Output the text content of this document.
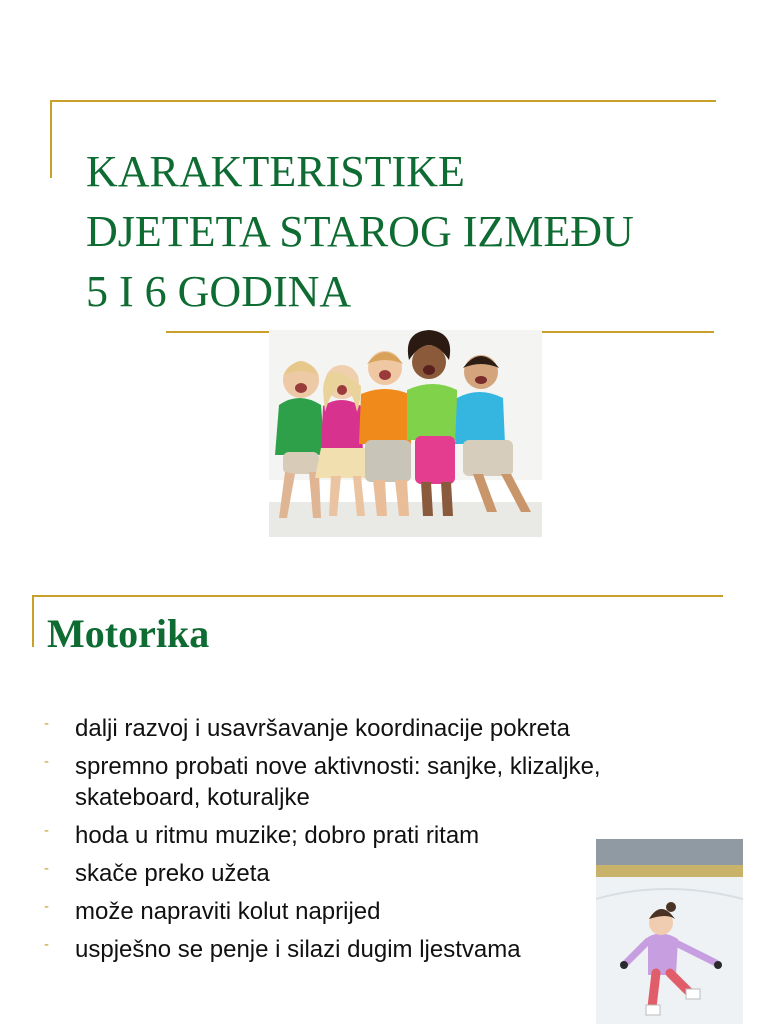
KARAKTERISTIKE
DJETETA STAROG IZMEĐU
5 I 6 GODINA
Motorika
- dalji razvoj i usavršavanje koordinacije pokreta
- spremno probati nove aktivnosti: sanjke, klizaljke, skateboard, koturaljke
- hoda u ritmu muzike; dobro prati ritam
- skače preko užeta
- može napraviti kolut naprijed
- uspješno se penje i silazi dugim ljestvama
